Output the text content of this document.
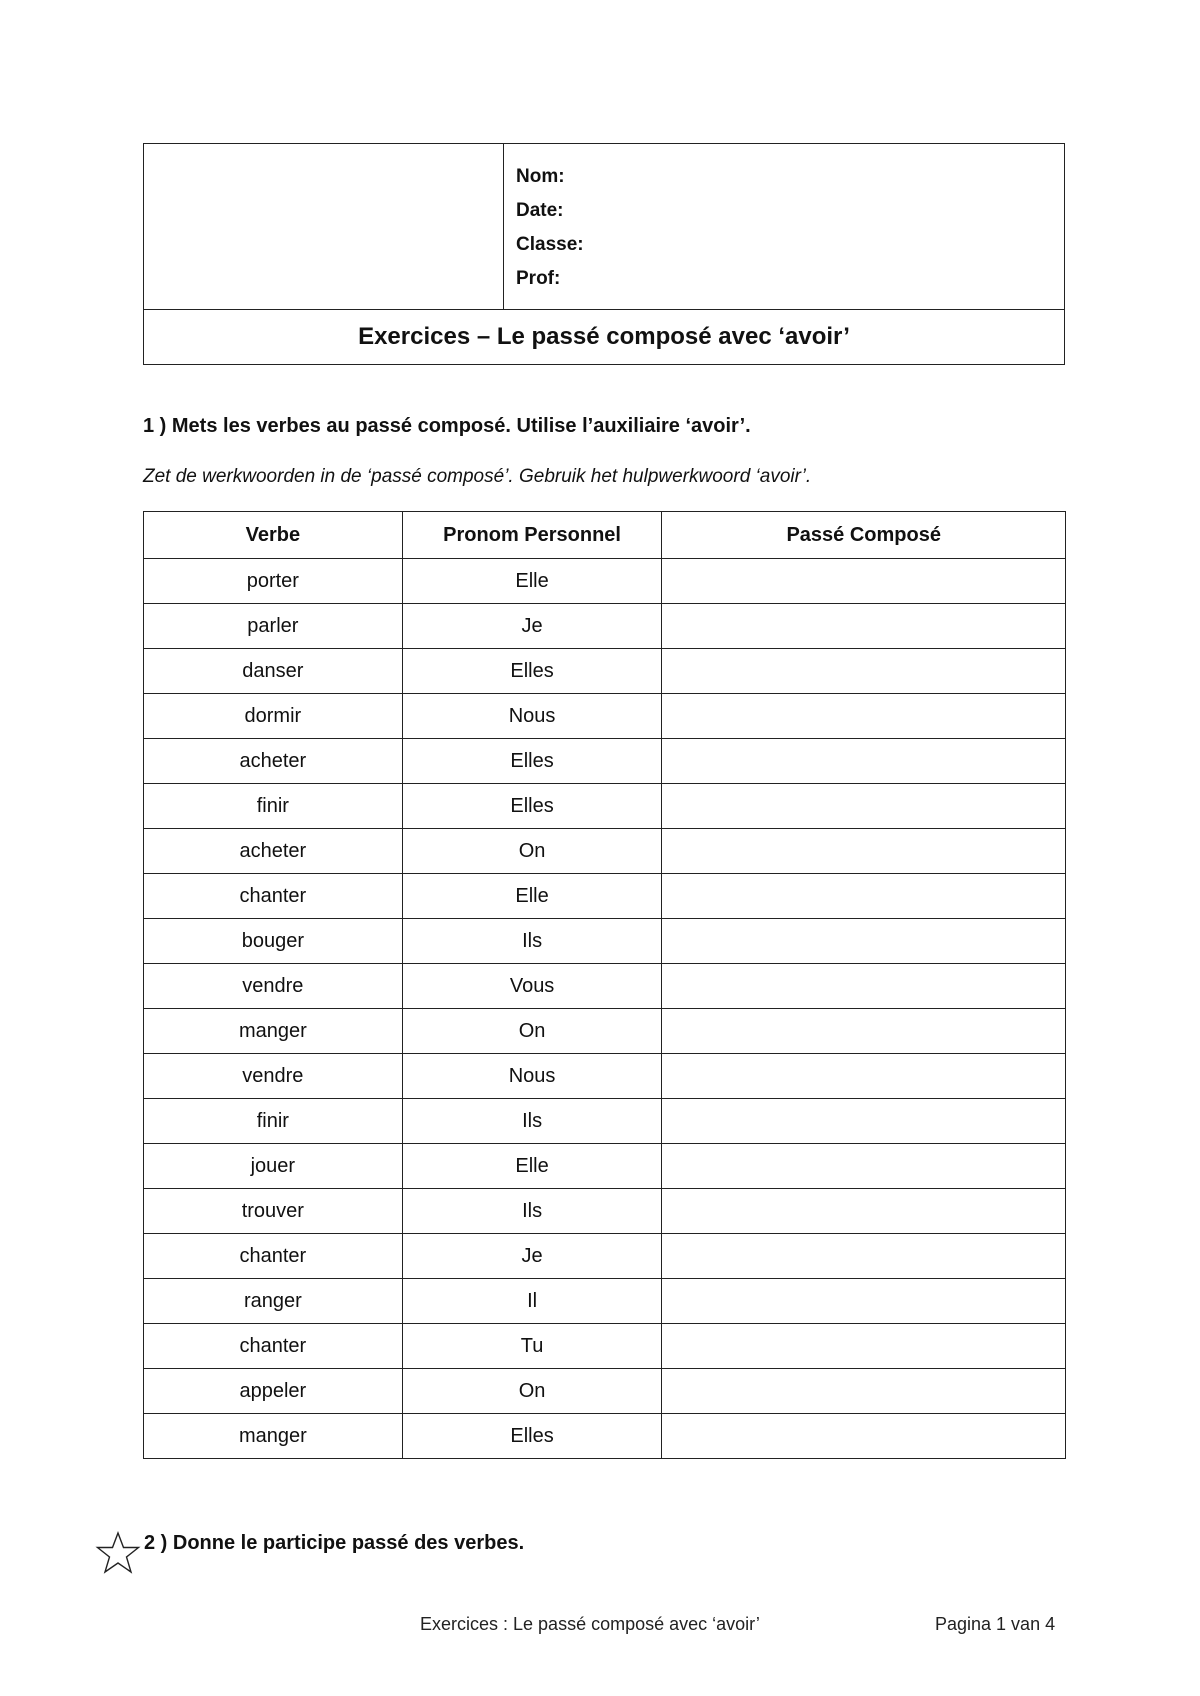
Nom:
Date:
Classe:
Prof:
Exercices – Le passé composé avec ‘avoir’
1 ) Mets les verbes au passé composé. Utilise l’auxiliaire ‘avoir’.
Zet de werkwoorden in de ‘passé composé’. Gebruik het hulpwerkwoord ‘avoir’.
Verbe	Pronom Personnel	Passé Composé
porter	Elle	
parler	Je	
danser	Elles	
dormir	Nous	
acheter	Elles	
finir	Elles	
acheter	On	
chanter	Elle	
bouger	Ils	
vendre	Vous	
manger	On	
vendre	Nous	
finir	Ils	
jouer	Elle	
trouver	Ils	
chanter	Je	
ranger	Il	
chanter	Tu	
appeler	On	
manger	Elles	
2 ) Donne le participe passé des verbes.
Exercices : Le passé composé avec ‘avoir’	Pagina 1 van 4
